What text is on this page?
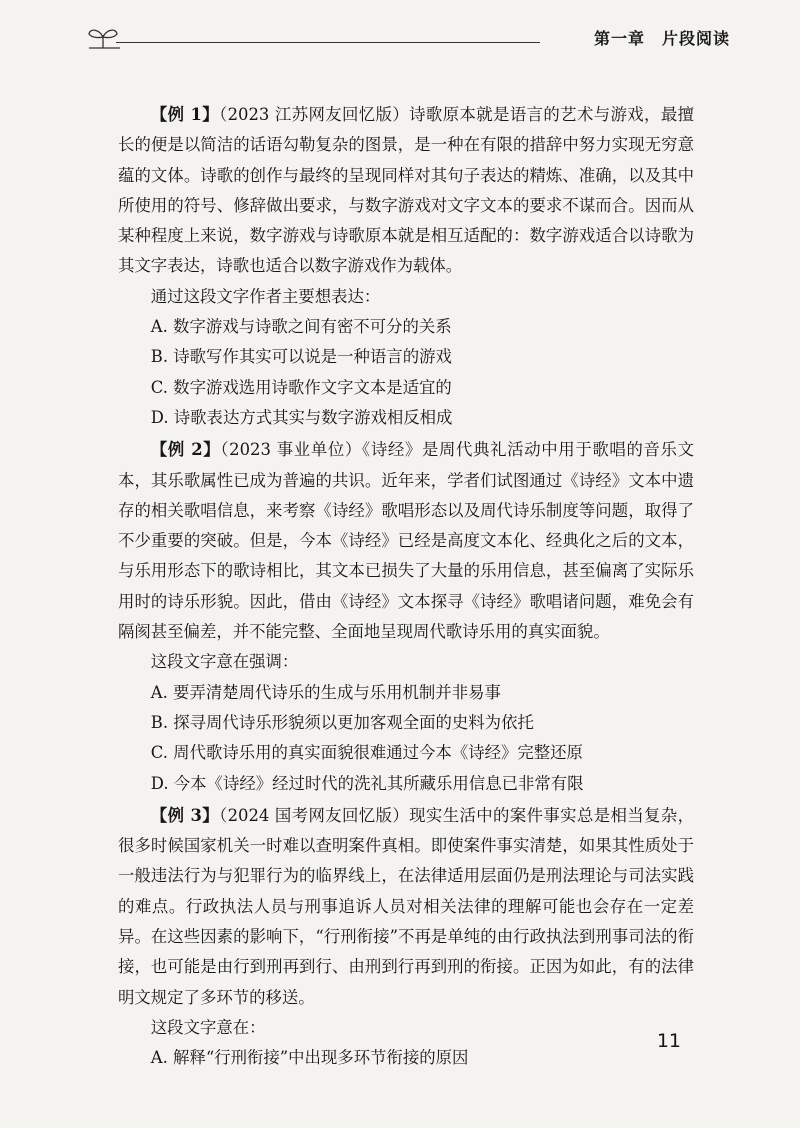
第一章　片段阅读

【例 1】（2023 江苏网友回忆版）诗歌原本就是语言的艺术与游戏，最擅长的便是以简洁的话语勾勒复杂的图景，是一种在有限的措辞中努力实现无穷意蕴的文体。诗歌的创作与最终的呈现同样对其句子表达的精炼、准确，以及其中所使用的符号、修辞做出要求，与数字游戏对文字文本的要求不谋而合。因而从某种程度上来说，数字游戏与诗歌原本就是相互适配的：数字游戏适合以诗歌为其文字表达，诗歌也适合以数字游戏作为载体。

通过这段文字作者主要想表达：

A. 数字游戏与诗歌之间有密不可分的关系

B. 诗歌写作其实可以说是一种语言的游戏

C. 数字游戏选用诗歌作文字文本是适宜的

D. 诗歌表达方式其实与数字游戏相反相成

【例 2】（2023 事业单位）《诗经》是周代典礼活动中用于歌唱的音乐文本，其乐歌属性已成为普遍的共识。近年来，学者们试图通过《诗经》文本中遗存的相关歌唱信息，来考察《诗经》歌唱形态以及周代诗乐制度等问题，取得了不少重要的突破。但是，今本《诗经》已经是高度文本化、经典化之后的文本，与乐用形态下的歌诗相比，其文本已损失了大量的乐用信息，甚至偏离了实际乐用时的诗乐形貌。因此，借由《诗经》文本探寻《诗经》歌唱诸问题，难免会有隔阂甚至偏差，并不能完整、全面地呈现周代歌诗乐用的真实面貌。

这段文字意在强调：

A. 要弄清楚周代诗乐的生成与乐用机制并非易事

B. 探寻周代诗乐形貌须以更加客观全面的史料为依托

C. 周代歌诗乐用的真实面貌很难通过今本《诗经》完整还原

D. 今本《诗经》经过时代的洗礼其所藏乐用信息已非常有限

【例 3】（2024 国考网友回忆版）现实生活中的案件事实总是相当复杂，很多时候国家机关一时难以查明案件真相。即使案件事实清楚，如果其性质处于一般违法行为与犯罪行为的临界线上，在法律适用层面仍是刑法理论与司法实践的难点。行政执法人员与刑事追诉人员对相关法律的理解可能也会存在一定差异。在这些因素的影响下，“行刑衔接”不再是单纯的由行政执法到刑事司法的衔接，也可能是由行到刑再到行、由刑到行再到刑的衔接。正因为如此，有的法律明文规定了多环节的移送。

这段文字意在：

A. 解释“行刑衔接”中出现多环节衔接的原因

11
